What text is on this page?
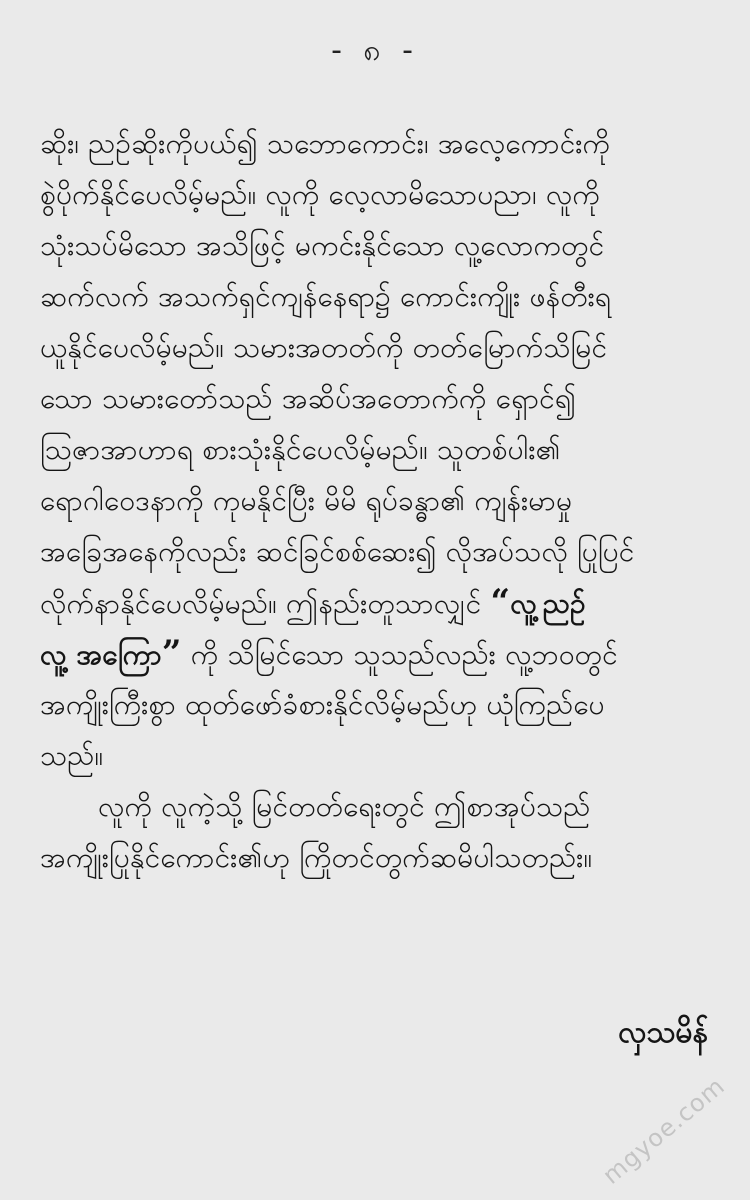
- ၈ -
ဆိုး၊ ညဉ်ဆိုးကိုပယ်၍ သဘောကောင်း၊ အလေ့ကောင်းကို
စွဲပိုက်နိုင်ပေလိမ့်မည်။ လူကို လေ့လာမိသောပညာ၊ လူကို
သုံးသပ်မိသော အသိဖြင့် မကင်းနိုင်သော လူ့လောကတွင်
ဆက်လက် အသက်ရှင်ကျန်နေရာ၌ ကောင်းကျိုး ဖန်တီးရ
ယူနိုင်ပေလိမ့်မည်။ သမားအတတ်ကို တတ်မြောက်သိမြင်
သော သမားတော်သည် အဆိပ်အတောက်ကို ရှောင်၍
သြဇာအာဟာရ စားသုံးနိုင်ပေလိမ့်မည်။ သူတစ်ပါး၏
ရောဂါဝေဒနာကို ကုမနိုင်ပြီး မိမိ ရုပ်ခန္ဓာ၏ ကျန်းမာမှု
အခြေအနေကိုလည်း ဆင်ခြင်စစ်ဆေး၍ လိုအပ်သလို ပြုပြင်
လိုက်နာနိုင်ပေလိမ့်မည်။ ဤနည်းတူသာလျှင် “လူ့ညဉ်
လူ့ အကြော” ကို သိမြင်သော သူသည်လည်း လူ့ဘဝတွင်
အကျိုးကြီးစွာ ထုတ်ဖော်ခံစားနိုင်လိမ့်မည်ဟု ယုံကြည်ပေ
သည်။
လူကို လူကဲ့သို့ မြင်တတ်ရေးတွင် ဤစာအုပ်သည်
အကျိုးပြုနိုင်ကောင်း၏ဟု ကြိုတင်တွက်ဆမိပါသတည်း။
လှသမိန်
mgyoe.com
